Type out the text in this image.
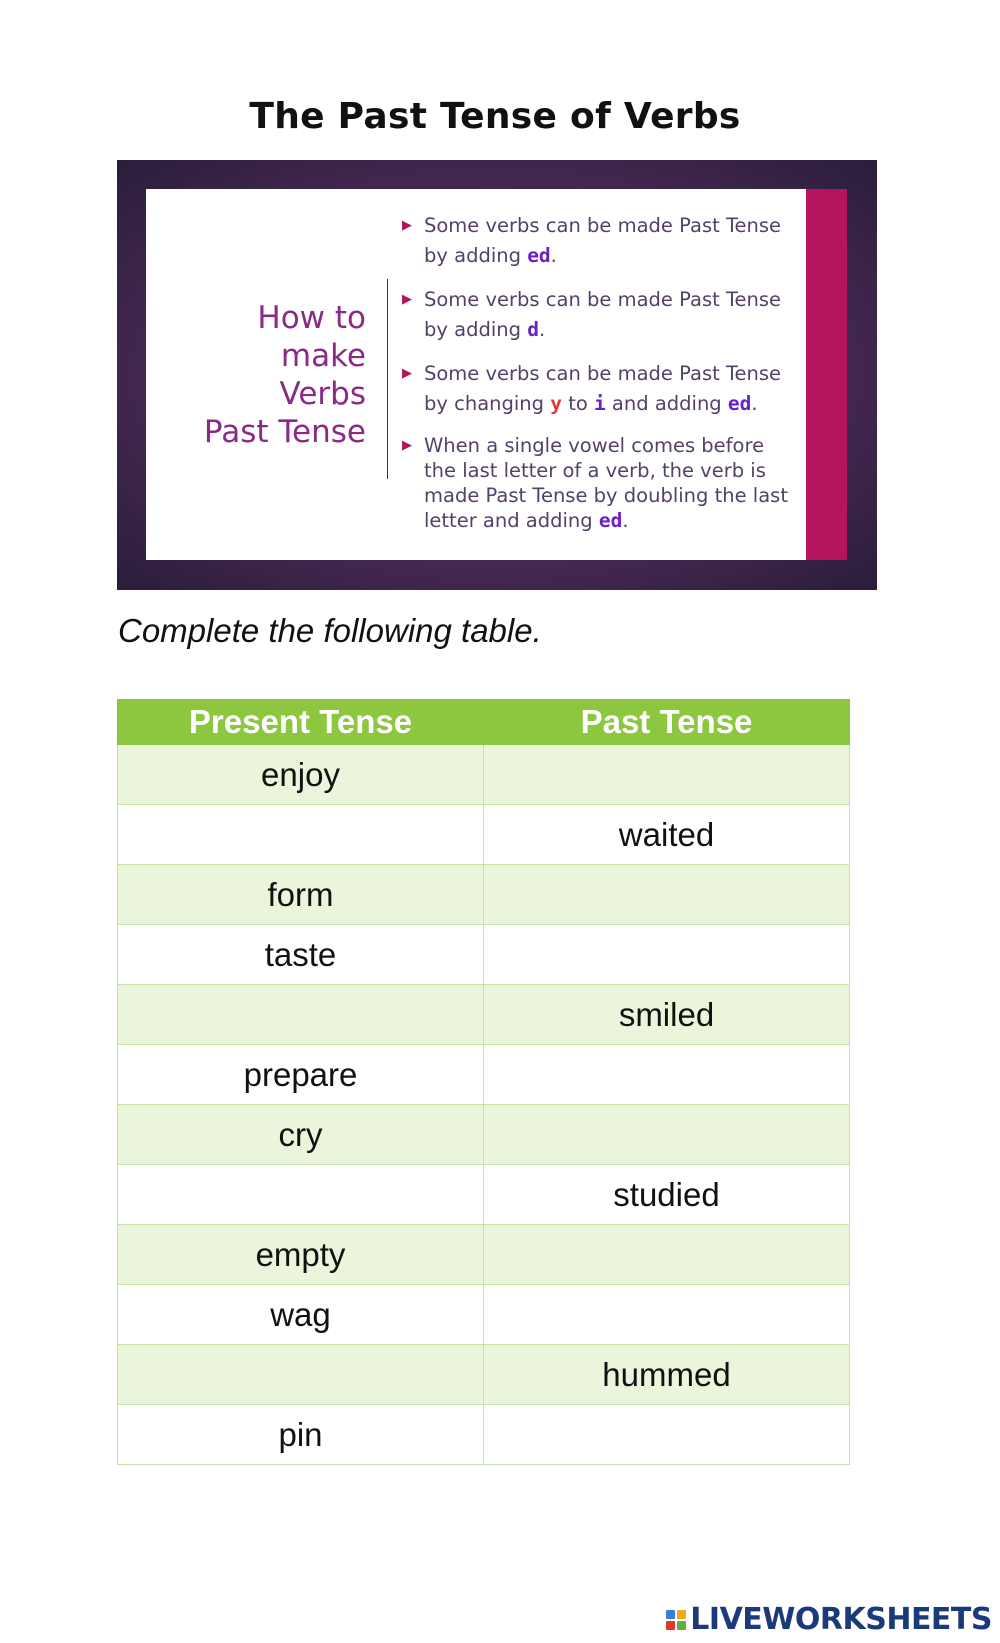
The Past Tense of Verbs
How to
make
Verbs
Past Tense
▶ Some verbs can be made Past Tense by adding ed.
▶ Some verbs can be made Past Tense by adding d.
▶ Some verbs can be made Past Tense by changing y to i and adding ed.
▶ When a single vowel comes before the last letter of a verb, the verb is made Past Tense by doubling the last letter and adding ed.
Complete the following table.
Present Tense	Past Tense
enjoy	
	waited
form	
taste	
	smiled
prepare	
cry	
	studied
empty	
wag	
	hummed
pin	
LIVEWORKSHEETS
